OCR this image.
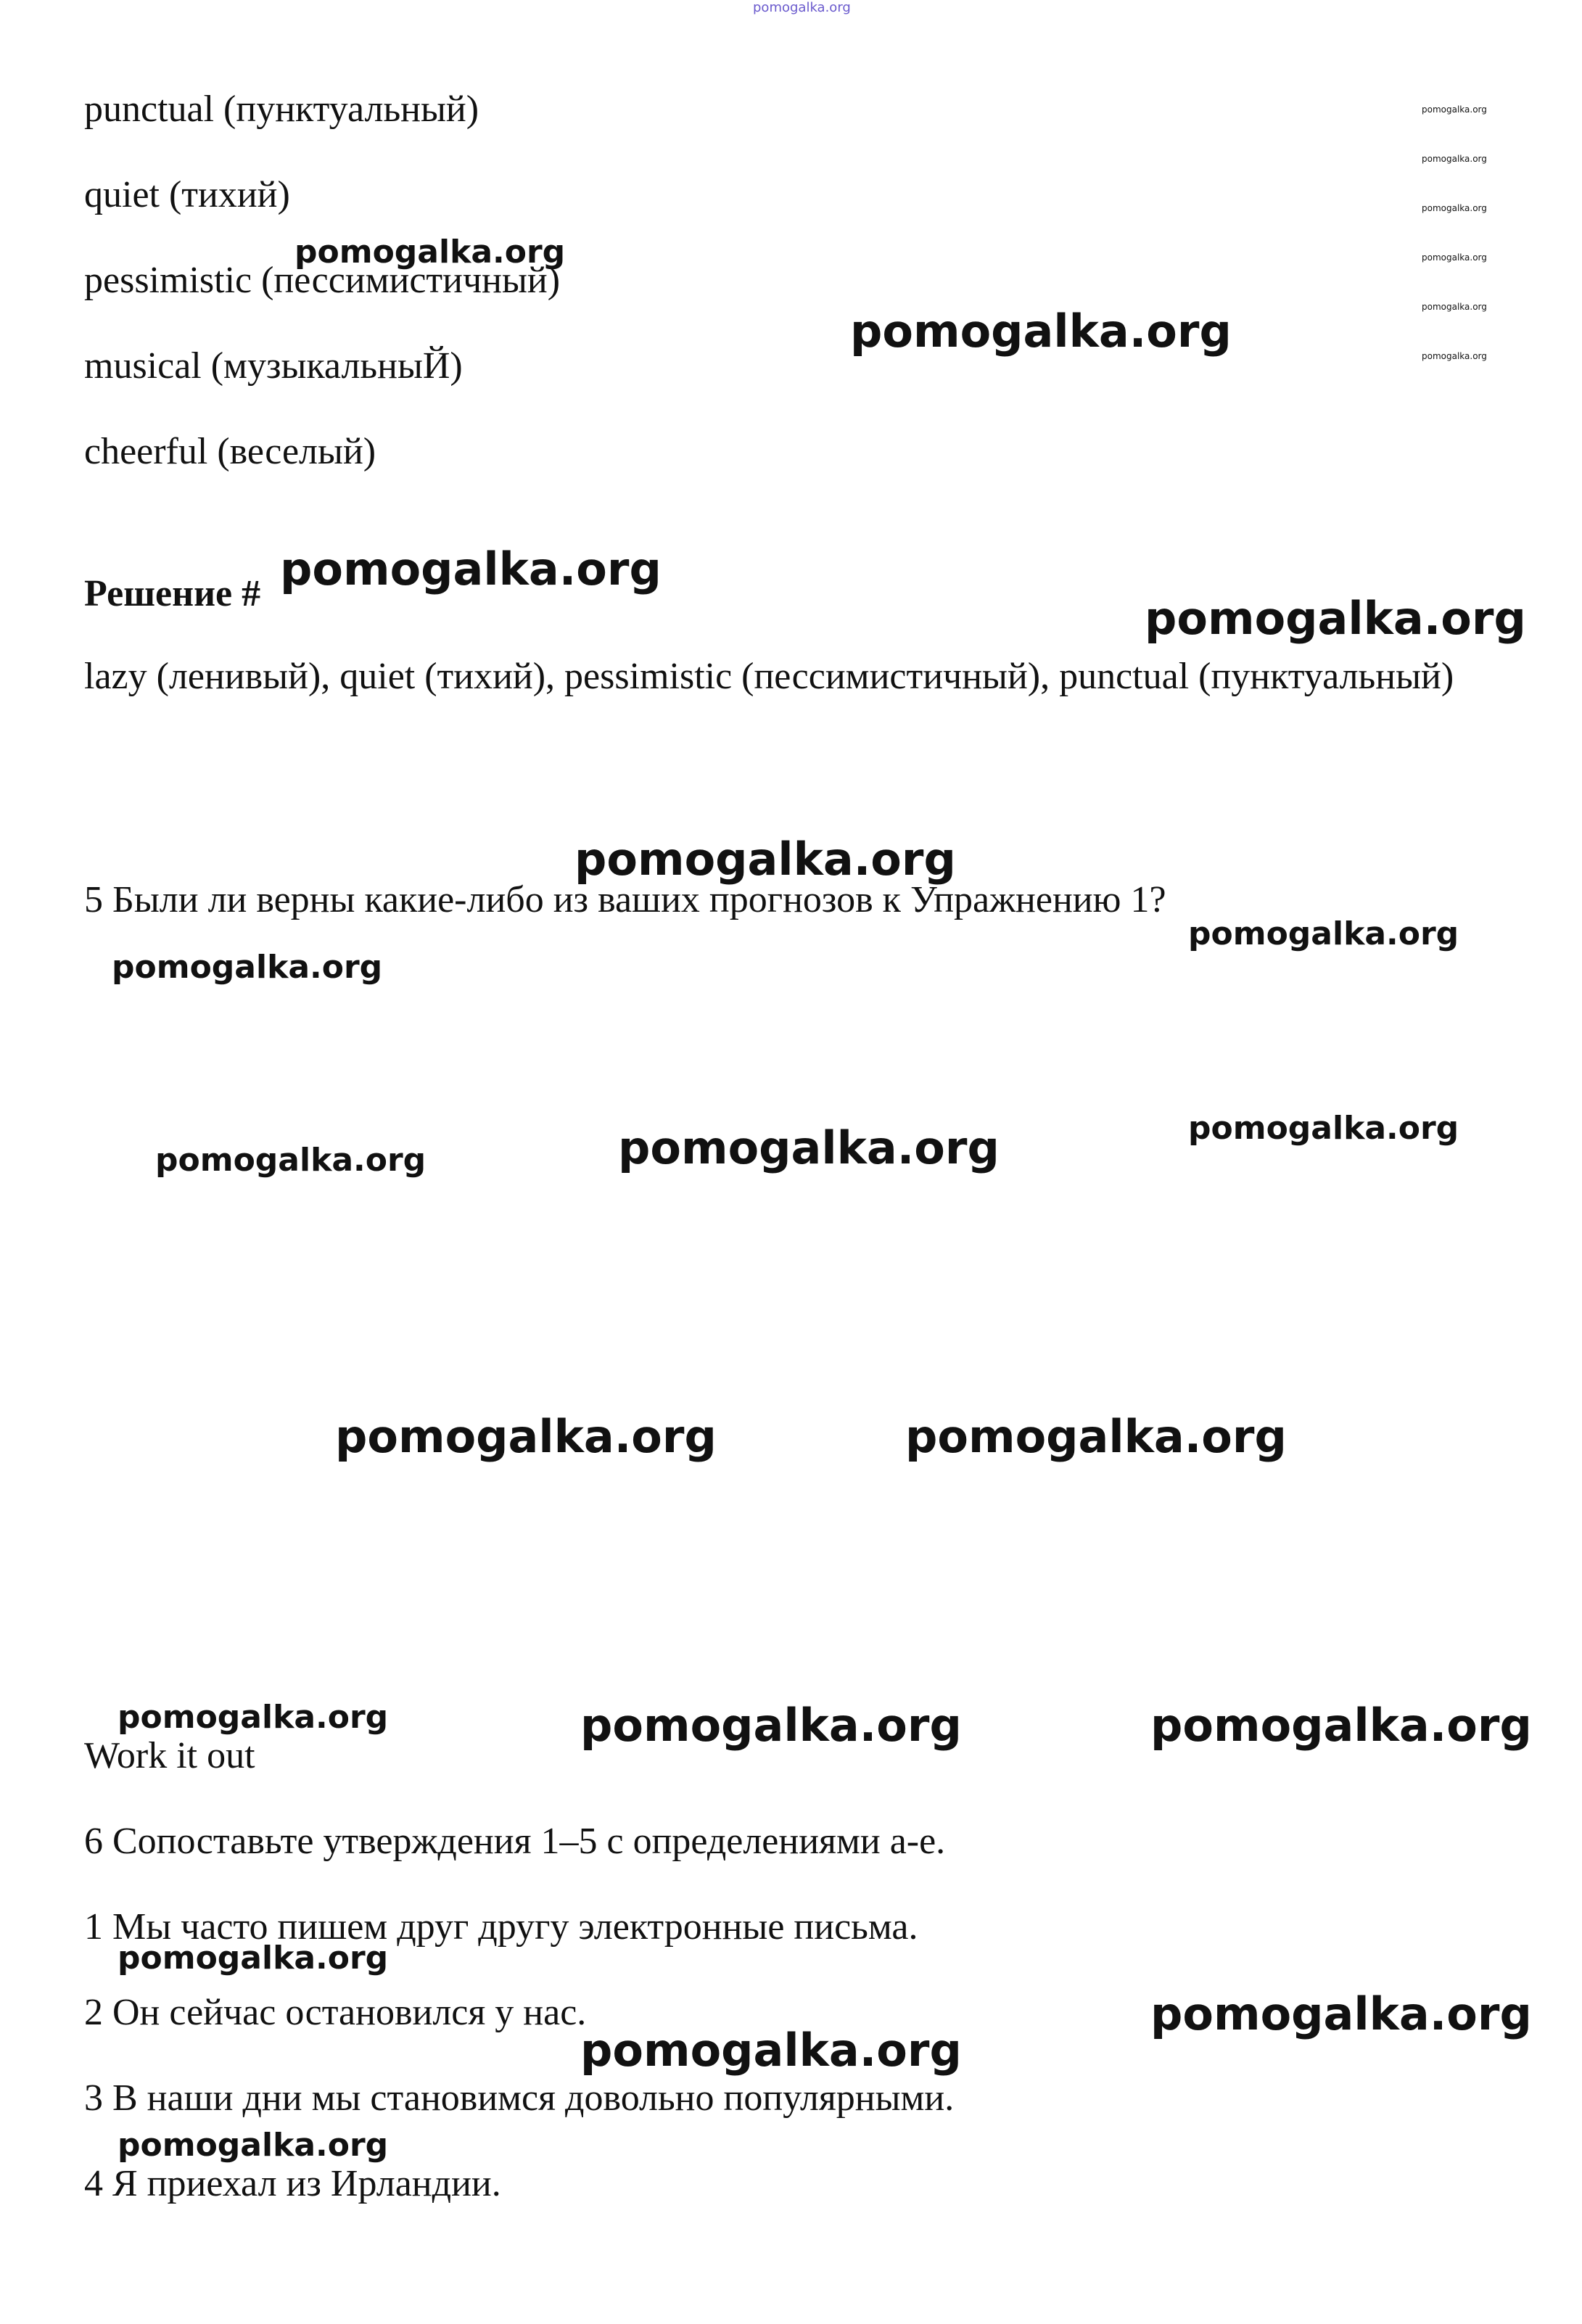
pomogalka.org
punctual (пунктуальный)
quiet (тихий)
pessimistic (пессимистичный)
musical (музыкальныЙ)
cheerful (веселый)
pomogalka.org
pomogalka.org
pomogalka.org
pomogalka.org
pomogalka.org
pomogalka.org
pomogalka.org
pomogalka.org
Решение # pomogalka.org
pomogalka.org
lazy (ленивый), quiet (тихий), pessimistic (пессимистичный), punctual (пунктуальный)
pomogalka.org
5 Были ли верны какие-либо из ваших прогнозов к Упражнению 1?
pomogalka.org
pomogalka.org
pomogalka.org
pomogalka.org	pomogalka.org
pomogalka.org	pomogalka.org
pomogalka.org	pomogalka.org	pomogalka.org
Work it out
6 Сопоставьте утверждения 1–5 с определениями a-e.
1 Мы часто пишем друг другу электронные письма.
pomogalka.org
2 Он сейчас остановился у нас.	pomogalka.org
pomogalka.org
3 В наши дни мы становимся довольно популярными.
pomogalka.org
4 Я приехал из Ирландии.
